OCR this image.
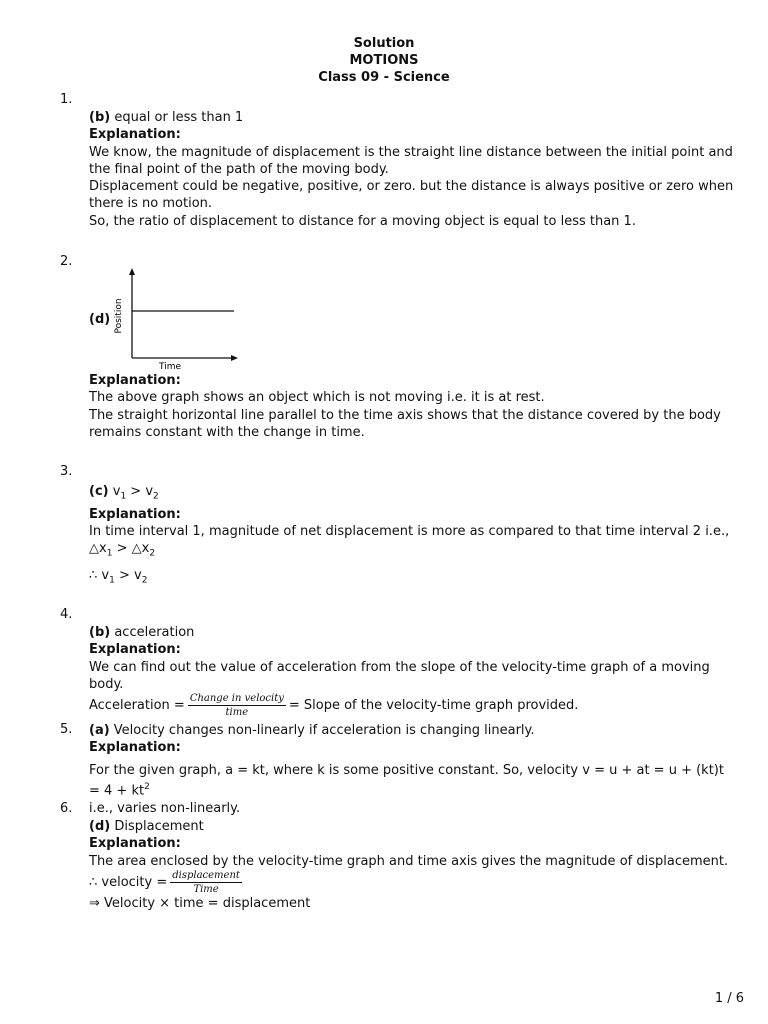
Solution
MOTIONS
Class 09 - Science
1.
(b) equal or less than 1
Explanation:
We know, the magnitude of displacement is the straight line distance between the initial point and the final point of the path of the moving body.
Displacement could be negative, positive, or zero. but the distance is always positive or zero when there is no motion.
So, the ratio of displacement to distance for a moving object is equal to less than 1.
2.
(d) Position
Time
Explanation:
The above graph shows an object which is not moving i.e. it is at rest.
The straight horizontal line parallel to the time axis shows that the distance covered by the body remains constant with the change in time.
3.
(c) $v_1 > v_2$
Explanation:
In time interval 1, magnitude of net displacement is more as compared to that time interval 2 i.e., $\triangle x_1$ > $\triangle x_2$
∴ $v_1 > v_2$
4.
(b) acceleration
Explanation:
We can find out the value of acceleration from the slope of the velocity-time graph of a moving body.
Acceleration = $\frac{\text{Change in velocity}}{\text{time}}$ = Slope of the velocity-time graph provided.
5. (a) Velocity changes non-linearly if acceleration is changing linearly.
Explanation:
For the given graph, a = kt, where k is some positive constant. So, velocity v = u + at = $u + (kt)t = 4 + kt^2$
i.e., varies non-linearly.
6.
(d) Displacement
Explanation:
The area enclosed by the velocity-time graph and time axis gives the magnitude of displacement.
∴ velocity = $\frac{\text{displacement}}{\text{Time}}$
⇒ Velocity × time = displacement
1 / 6
